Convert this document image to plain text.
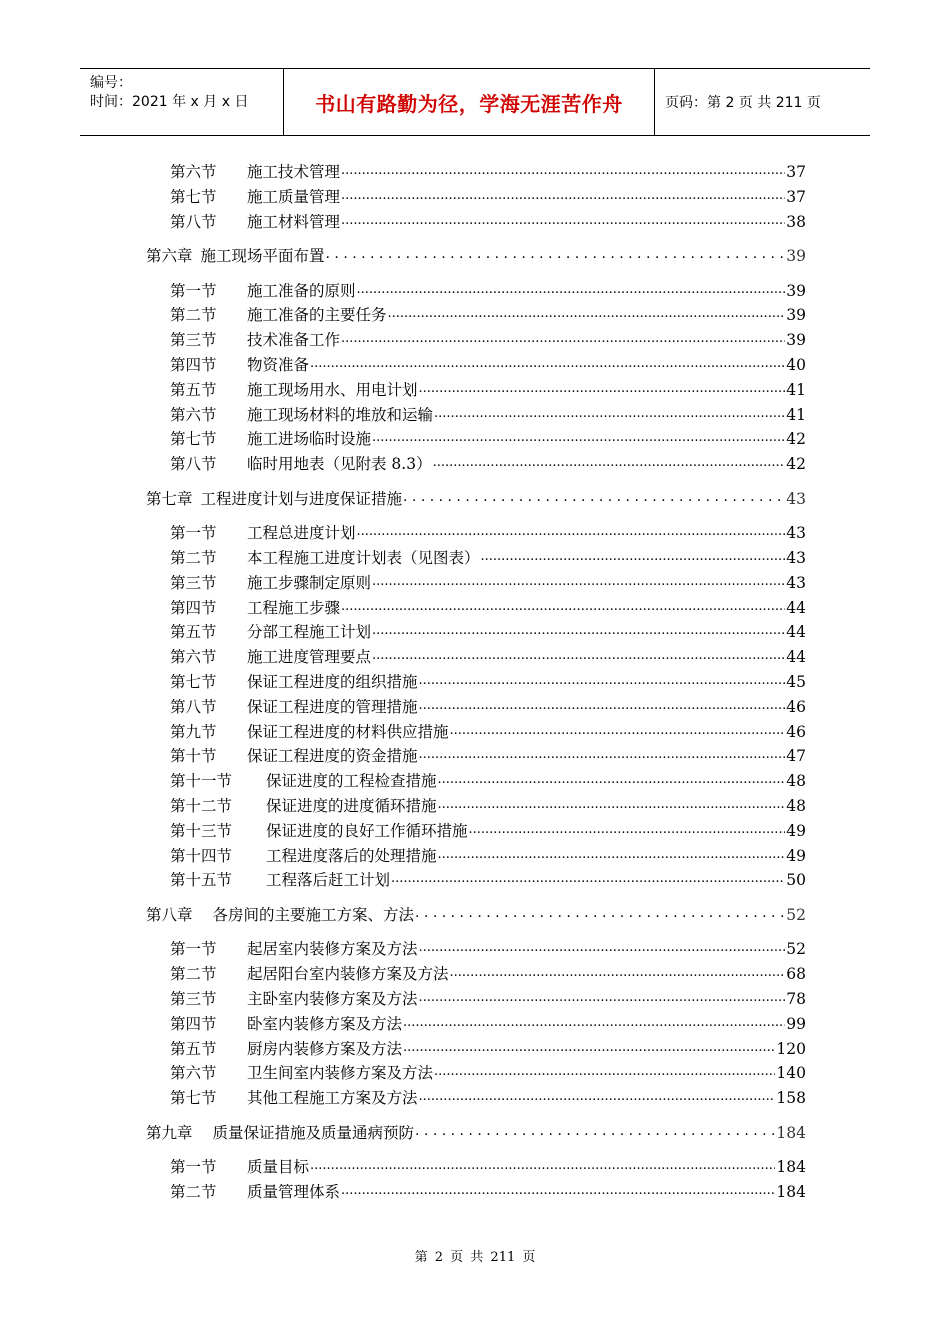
编号：
时间：2021 年 x 月 x 日	书山有路勤为径，学海无涯苦作舟	页码：第 2 页 共 211 页
第六节	施工技术管理 .....	37
第七节	施工质量管理 .....	37
第八节	施工材料管理 .....	38
第六章 施工现场平面布置 . . .	39
第一节	施工准备的原则 .....	39
第二节	施工准备的主要任务 .....	39
第三节	技术准备工作 .....	39
第四节	物资准备 .....	40
第五节	施工现场用水、用电计划 .....	41
第六节	施工现场材料的堆放和运输 .....	41
第七节	施工进场临时设施 .....	42
第八节	临时用地表（见附表 8.3） .....	42
第七章 工程进度计划与进度保证措施 . . .	43
第一节	工程总进度计划 .....	43
第二节	本工程施工进度计划表（见图表） .....	43
第三节	施工步骤制定原则 .....	43
第四节	工程施工步骤 .....	44
第五节	分部工程施工计划 .....	44
第六节	施工进度管理要点 .....	44
第七节	保证工程进度的组织措施 .....	45
第八节	保证工程进度的管理措施 .....	46
第九节	保证工程进度的材料供应措施 .....	46
第十节	保证工程进度的资金措施 .....	47
第十一节	保证进度的工程检查措施 .....	48
第十二节	保证进度的进度循环措施 .....	48
第十三节	保证进度的良好工作循环措施 .....	49
第十四节	工程进度落后的处理措施 .....	49
第十五节	工程落后赶工计划 .....	50
第八章 各房间的主要施工方案、方法 . . .	52
第一节	起居室内装修方案及方法 .....	52
第二节	起居阳台室内装修方案及方法 .....	68
第三节	主卧室内装修方案及方法 .....	78
第四节	卧室内装修方案及方法 .....	99
第五节	厨房内装修方案及方法 .....	120
第六节	卫生间室内装修方案及方法 .....	140
第七节	其他工程施工方案及方法 .....	158
第九章 质量保证措施及质量通病预防 . . .	184
第一节	质量目标 .....	184
第二节	质量管理体系 .....	184
第 2 页 共 211 页
